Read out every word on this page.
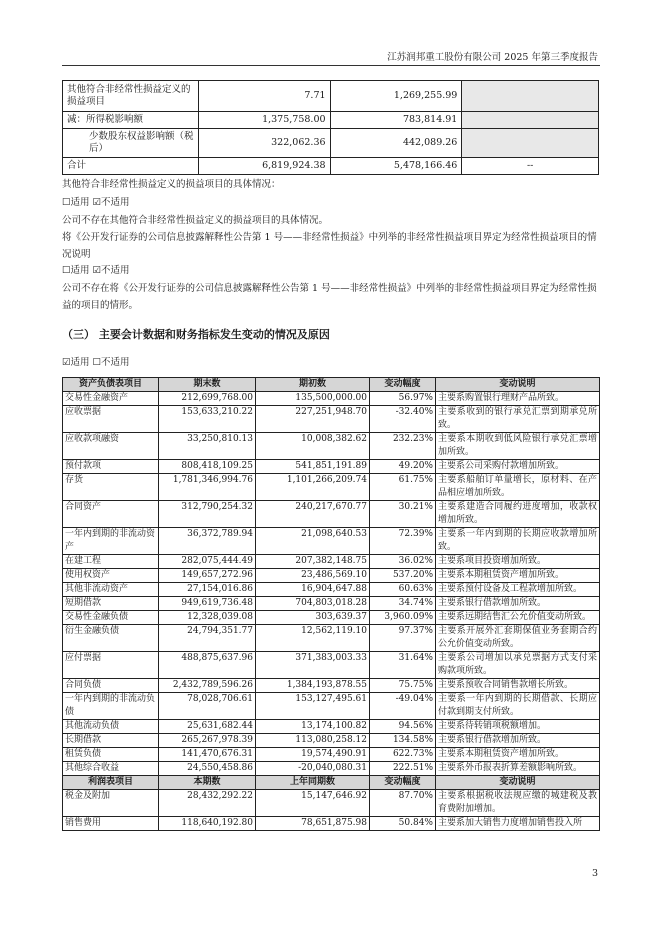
江苏润邦重工股份有限公司 2025 年第三季度报告
其他符合非经常性损益定义的损益项目	7.71	1,269,255.99	
减：所得税影响额	1,375,758.00	783,814.91	
少数股东权益影响额（税后）	322,062.36	442,089.26	
合计	6,819,924.38	5,478,166.46	--
其他符合非经常性损益定义的损益项目的具体情况：
☐适用 ☑不适用
公司不存在其他符合非经常性损益定义的损益项目的具体情况。
将《公开发行证券的公司信息披露解释性公告第 1 号——非经常性损益》中列举的非经常性损益项目界定为经常性损益项目的情况说明
☐适用 ☑不适用
公司不存在将《公开发行证券的公司信息披露解释性公告第 1 号——非经常性损益》中列举的非经常性损益项目界定为经常性损益的项目的情形。
（三） 主要会计数据和财务指标发生变动的情况及原因
☑适用 ☐不适用
资产负债表项目	期末数	期初数	变动幅度	变动说明
交易性金融资产	212,699,768.00	135,500,000.00	56.97%	主要系购置银行理财产品所致。
应收票据	153,633,210.22	227,251,948.70	-32.40%	主要系收到的银行承兑汇票到期承兑所致。
应收款项融资	33,250,810.13	10,008,382.62	232.23%	主要系本期收到低风险银行承兑汇票增加所致。
预付款项	808,418,109.25	541,851,191.89	49.20%	主要系公司采购付款增加所致。
存货	1,781,346,994.76	1,101,266,209.74	61.75%	主要系船舶订单量增长，原材料、在产品相应增加所致。
合同资产	312,790,254.32	240,217,670.77	30.21%	主要系建造合同履约进度增加，收款权增加所致。
一年内到期的非流动资产	36,372,789.94	21,098,640.53	72.39%	主要系一年内到期的长期应收款增加所致。
在建工程	282,075,444.49	207,382,148.75	36.02%	主要系项目投资增加所致。
使用权资产	149,657,272.96	23,486,569.10	537.20%	主要系本期租赁资产增加所致。
其他非流动资产	27,154,016.86	16,904,647.88	60.63%	主要系预付设备及工程款增加所致。
短期借款	949,619,736.48	704,803,018.28	34.74%	主要系银行借款增加所致。
交易性金融负债	12,328,039.08	303,639.37	3,960.09%	主要系远期结售汇公允价值变动所致。
衍生金融负债	24,794,351.77	12,562,119.10	97.37%	主要系开展外汇套期保值业务套期合约公允价值变动所致。
应付票据	488,875,637.96	371,383,003.33	31.64%	主要系公司增加以承兑票据方式支付采购款项所致。
合同负债	2,432,789,596.26	1,384,193,878.55	75.75%	主要系预收合同销售款增长所致。
一年内到期的非流动负债	78,028,706.61	153,127,495.61	-49.04%	主要系一年内到期的长期借款、长期应付款到期支付所致。
其他流动负债	25,631,682.44	13,174,100.82	94.56%	主要系待转销项税额增加。
长期借款	265,267,978.39	113,080,258.12	134.58%	主要系银行借款增加所致。
租赁负债	141,470,676.31	19,574,490.91	622.73%	主要系本期租赁资产增加所致。
其他综合收益	24,550,458.86	-20,040,080.31	222.51%	主要系外币报表折算差额影响所致。
利润表项目	本期数	上年同期数	变动幅度	变动说明
税金及附加	28,432,292.22	15,147,646.92	87.70%	主要系根据税收法规应缴的城建税及教育费附加增加。
销售费用	118,640,192.80	78,651,875.98	50.84%	主要系加大销售力度增加销售投入所
3
